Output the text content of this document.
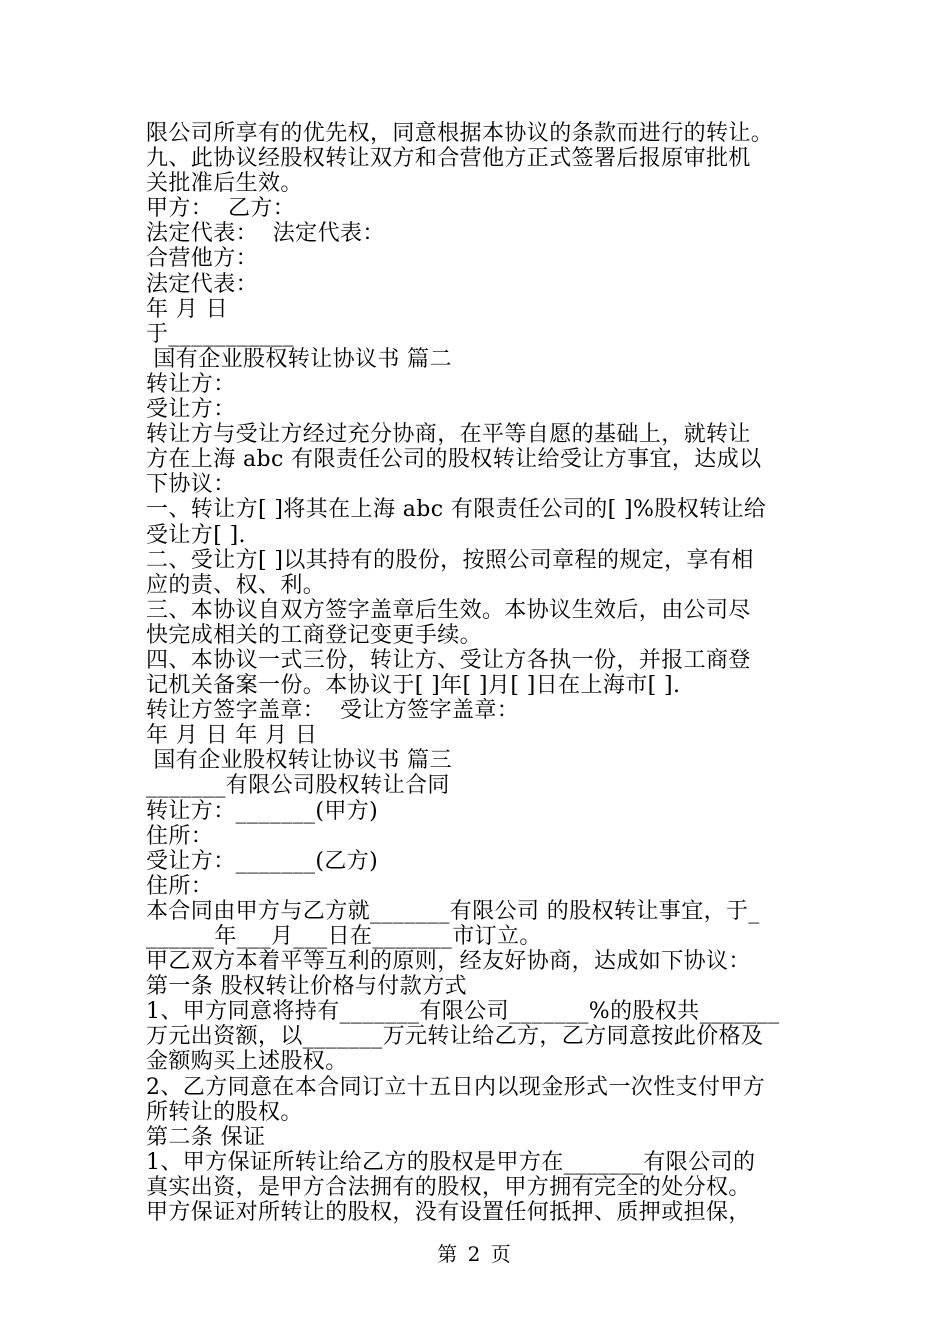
限公司所享有的优先权，同意根据本协议的条款而进行的转让。
九、此协议经股权转让双方和合营他方正式签署后报原审批机
关批准后生效。
甲方：  乙方：
法定代表：  法定代表：
合营他方：
法定代表：
年 月 日
于___________
国有企业股权转让协议书 篇二
转让方：
受让方：
转让方与受让方经过充分协商，在平等自愿的基础上，就转让
方在上海 abc 有限责任公司的股权转让给受让方事宜，达成以
下协议：
一、转让方[ ]将其在上海 abc 有限责任公司的[ ]%股权转让给
受让方[ ].
二、受让方[ ]以其持有的股份，按照公司章程的规定，享有相
应的责、权、利。
三、本协议自双方签字盖章后生效。本协议生效后，由公司尽
快完成相关的工商登记变更手续。
四、本协议一式三份，转让方、受让方各执一份，并报工商登
记机关备案一份。本协议于[ ]年[ ]月[ ]日在上海市[ ].
转让方签字盖章：  受让方签字盖章：
年 月 日 年 月 日
国有企业股权转让协议书 篇三
_______有限公司股权转让合同
转让方：_______(甲方)
住所：
受让方：_______(乙方)
住所：
本合同由甲方与乙方就_______有限公司 的股权转让事宜，于_
______年___月___日在_______市订立。
甲乙双方本着平等互利的原则，经友好协商，达成如下协议：
第一条 股权转让价格与付款方式
1、甲方同意将持有_______有限公司_______%的股权共_______
万元出资额，以_______万元转让给乙方，乙方同意按此价格及
金额购买上述股权。
2、乙方同意在本合同订立十五日内以现金形式一次性支付甲方
所转让的股权。
第二条 保证
1、甲方保证所转让给乙方的股权是甲方在_______有限公司的
真实出资，是甲方合法拥有的股权，甲方拥有完全的处分权。
甲方保证对所转让的股权，没有设置任何抵押、质押或担保，
第 2 页
